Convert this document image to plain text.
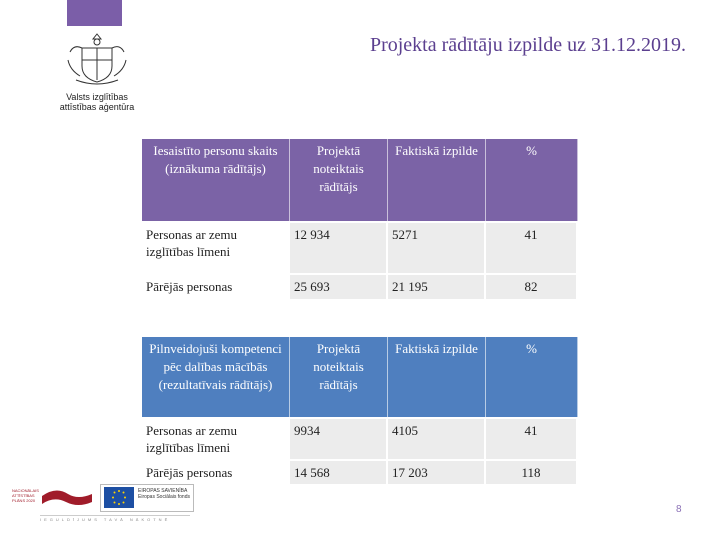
Valsts izglītības
attīstības aģentūra
Projekta rādītāju izpilde uz 31.12.2019.
Iesaistīto personu skaits (iznākuma rādītājs)	Projektā noteiktais rādītājs	Faktiskā izpilde	%
Personas ar zemu izglītības līmeni	12 934	5271	41
Pārējās personas	25 693	21 195	82
Pilnveidojuši kompetenci pēc dalības mācībās (rezultatīvais rādītājs)	Projektā noteiktais rādītājs	Faktiskā izpilde	%
Personas ar zemu izglītības līmeni	9934	4105	41
Pārējās personas	14 568	17 203	118
NACIONĀLAIS ATTĪSTĪBAS PLĀNS 2020
EIROPAS SAVIENĪBA Eiropas Sociālais fonds
IEGULDĪJUMS TAVĀ NĀKOTNĒ
8
